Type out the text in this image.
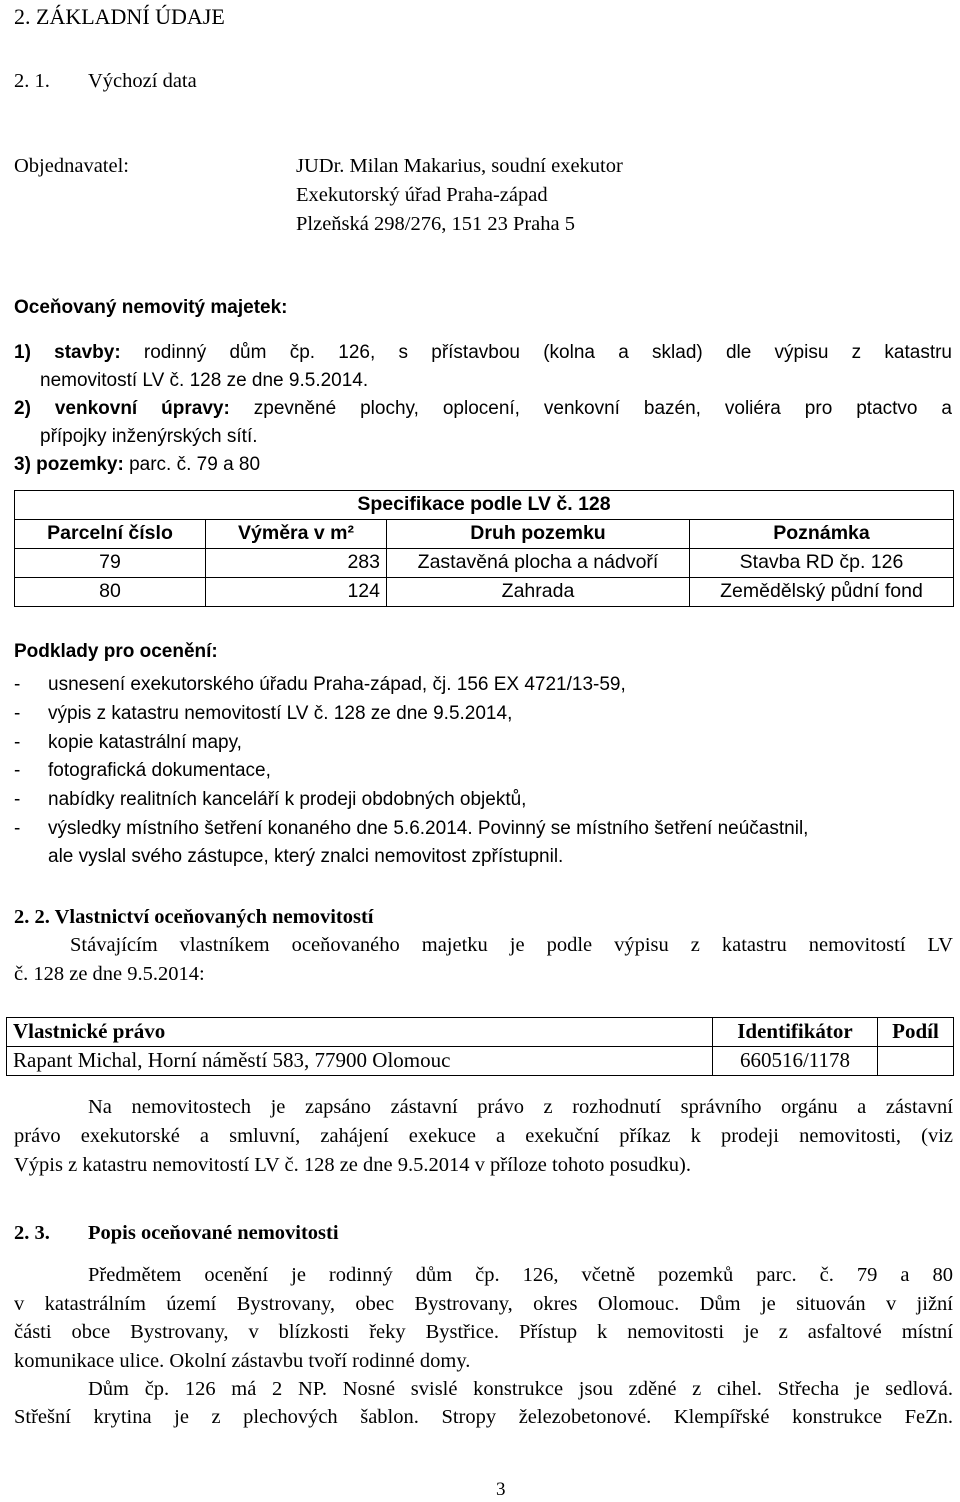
2. ZÁKLADNÍ ÚDAJE
2. 1. Výchozí data
Objednavatel:	JUDr. Milan Makarius, soudní exekutor
Exekutorský úřad Praha-západ
Plzeňská 298/276, 151 23 Praha 5
Oceňovaný nemovitý majetek:
1) stavby: rodinný dům čp. 126, s přístavbou (kolna a sklad) dle výpisu z katastru
nemovitostí LV č. 128 ze dne 9.5.2014.
2) venkovní úpravy: zpevněné plochy, oplocení, venkovní bazén, voliéra pro ptactvo a
přípojky inženýrských sítí.
3) pozemky: parc. č. 79 a 80
Specifikace podle LV č. 128			
Parcelní číslo	Výměra v m²	Druh pozemku	Poznámka
79	283	Zastavěná plocha a nádvoří	Stavba RD čp. 126
80	124	Zahrada	Zemědělský půdní fond
Podklady pro ocenění:
- usnesení exekutorského úřadu Praha-západ, čj. 156 EX 4721/13-59,
- výpis z katastru nemovitostí LV č. 128 ze dne 9.5.2014,
- kopie katastrální mapy,
- fotografická dokumentace,
- nabídky realitních kanceláří k prodeji obdobných objektů,
- výsledky místního šetření konaného dne 5.6.2014. Povinný se místního šetření neúčastnil,
ale vyslal svého zástupce, který znalci nemovitost zpřístupnil.
2. 2. Vlastnictví oceňovaných nemovitostí
Stávajícím vlastníkem oceňovaného majetku je podle výpisu z katastru nemovitostí LV
č. 128 ze dne 9.5.2014:
Vlastnické právo	Identifikátor	Podíl
Rapant Michal, Horní náměstí 583, 77900 Olomouc	660516/1178	
Na nemovitostech je zapsáno zástavní právo z rozhodnutí správního orgánu a zástavní
právo exekutorské a smluvní, zahájení exekuce a exekuční příkaz k prodeji nemovitosti, (viz
Výpis z katastru nemovitostí LV č. 128 ze dne 9.5.2014 v příloze tohoto posudku).
2. 3. Popis oceňované nemovitosti
Předmětem ocenění je rodinný dům čp. 126, včetně pozemků parc. č. 79 a 80
v katastrálním území Bystrovany, obec Bystrovany, okres Olomouc. Dům je situován v jižní
části obce Bystrovany, v blízkosti řeky Bystřice. Přístup k nemovitosti je z asfaltové místní
komunikace ulice. Okolní zástavbu tvoří rodinné domy.
Dům čp. 126 má 2 NP. Nosné svislé konstrukce jsou zděné z cihel. Střecha je sedlová.
Střešní krytina je z plechových šablon. Stropy železobetonové. Klempířské konstrukce FeZn.
3
